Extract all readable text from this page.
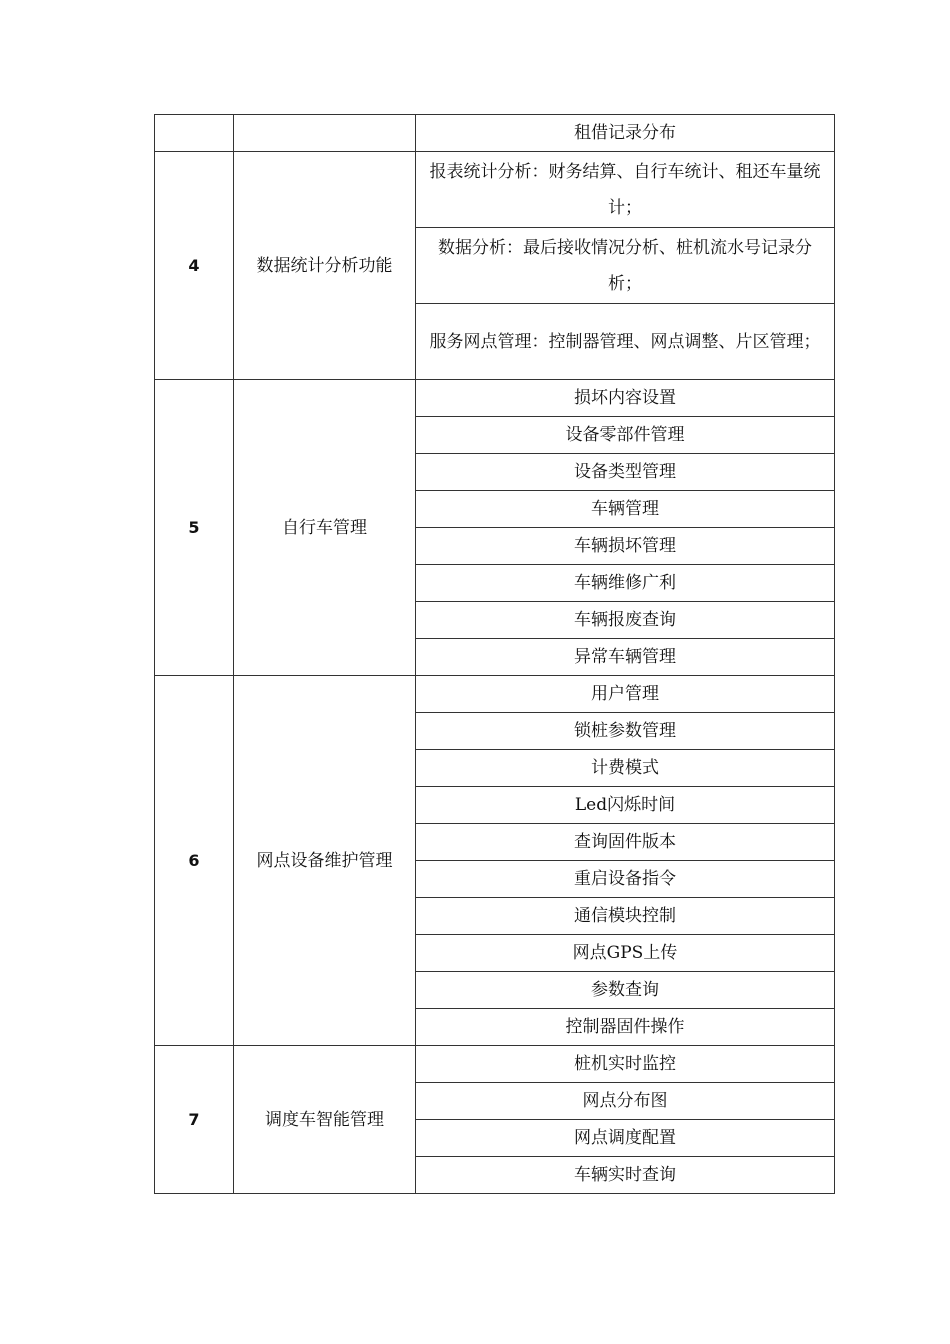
		租借记录分布
4	数据统计分析功能	报表统计分析：财务结算、自行车统计、租还车量统计；
		数据分析：最后接收情况分析、桩机流水号记录分析；
		服务网点管理：控制器管理、网点调整、片区管理；
5	自行车管理	损坏内容设置
		设备零部件管理
		设备类型管理
		车辆管理
		车辆损坏管理
		车辆维修广利
		车辆报废查询
		异常车辆管理
6	网点设备维护管理	用户管理
		锁桩参数管理
		计费模式
		Led闪烁时间
		查询固件版本
		重启设备指令
		通信模块控制
		网点GPS上传
		参数查询
		控制器固件操作
7	调度车智能管理	桩机实时监控
		网点分布图
		网点调度配置
		车辆实时查询
